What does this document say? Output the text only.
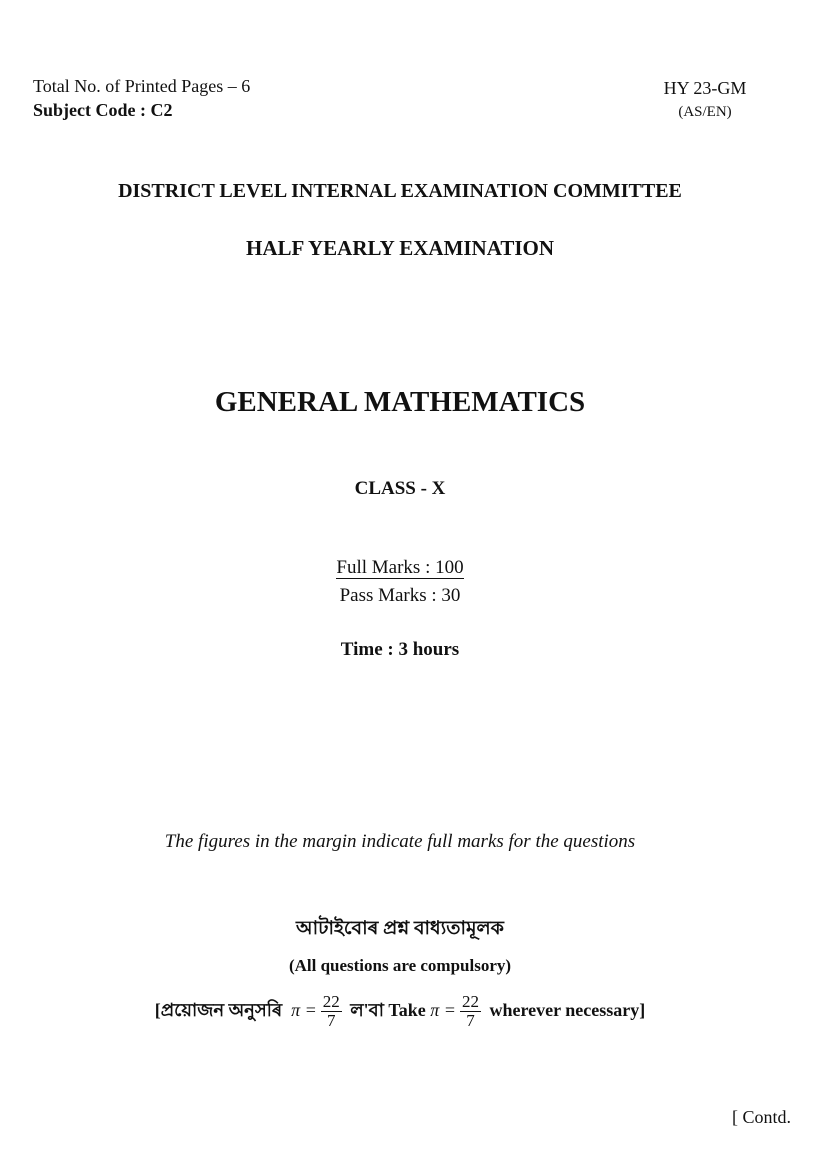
Total No. of Printed Pages – 6
Subject Code : C2
HY 23-GM
(AS/EN)
DISTRICT LEVEL INTERNAL EXAMINATION COMMITTEE
HALF YEARLY EXAMINATION
GENERAL MATHEMATICS
CLASS - X
Full Marks : 100
Pass Marks : 30
Time : 3 hours
The figures in the margin indicate full marks for the questions
আটাইবোৰ প্ৰশ্ন বাধ্যতামূলক
(All questions are compulsory)
[প্ৰয়োজন অনুসৰি $\pi = \frac{22}{7}$ ল'বা Take $\pi = \frac{22}{7}$ wherever necessary]
[ Contd.
